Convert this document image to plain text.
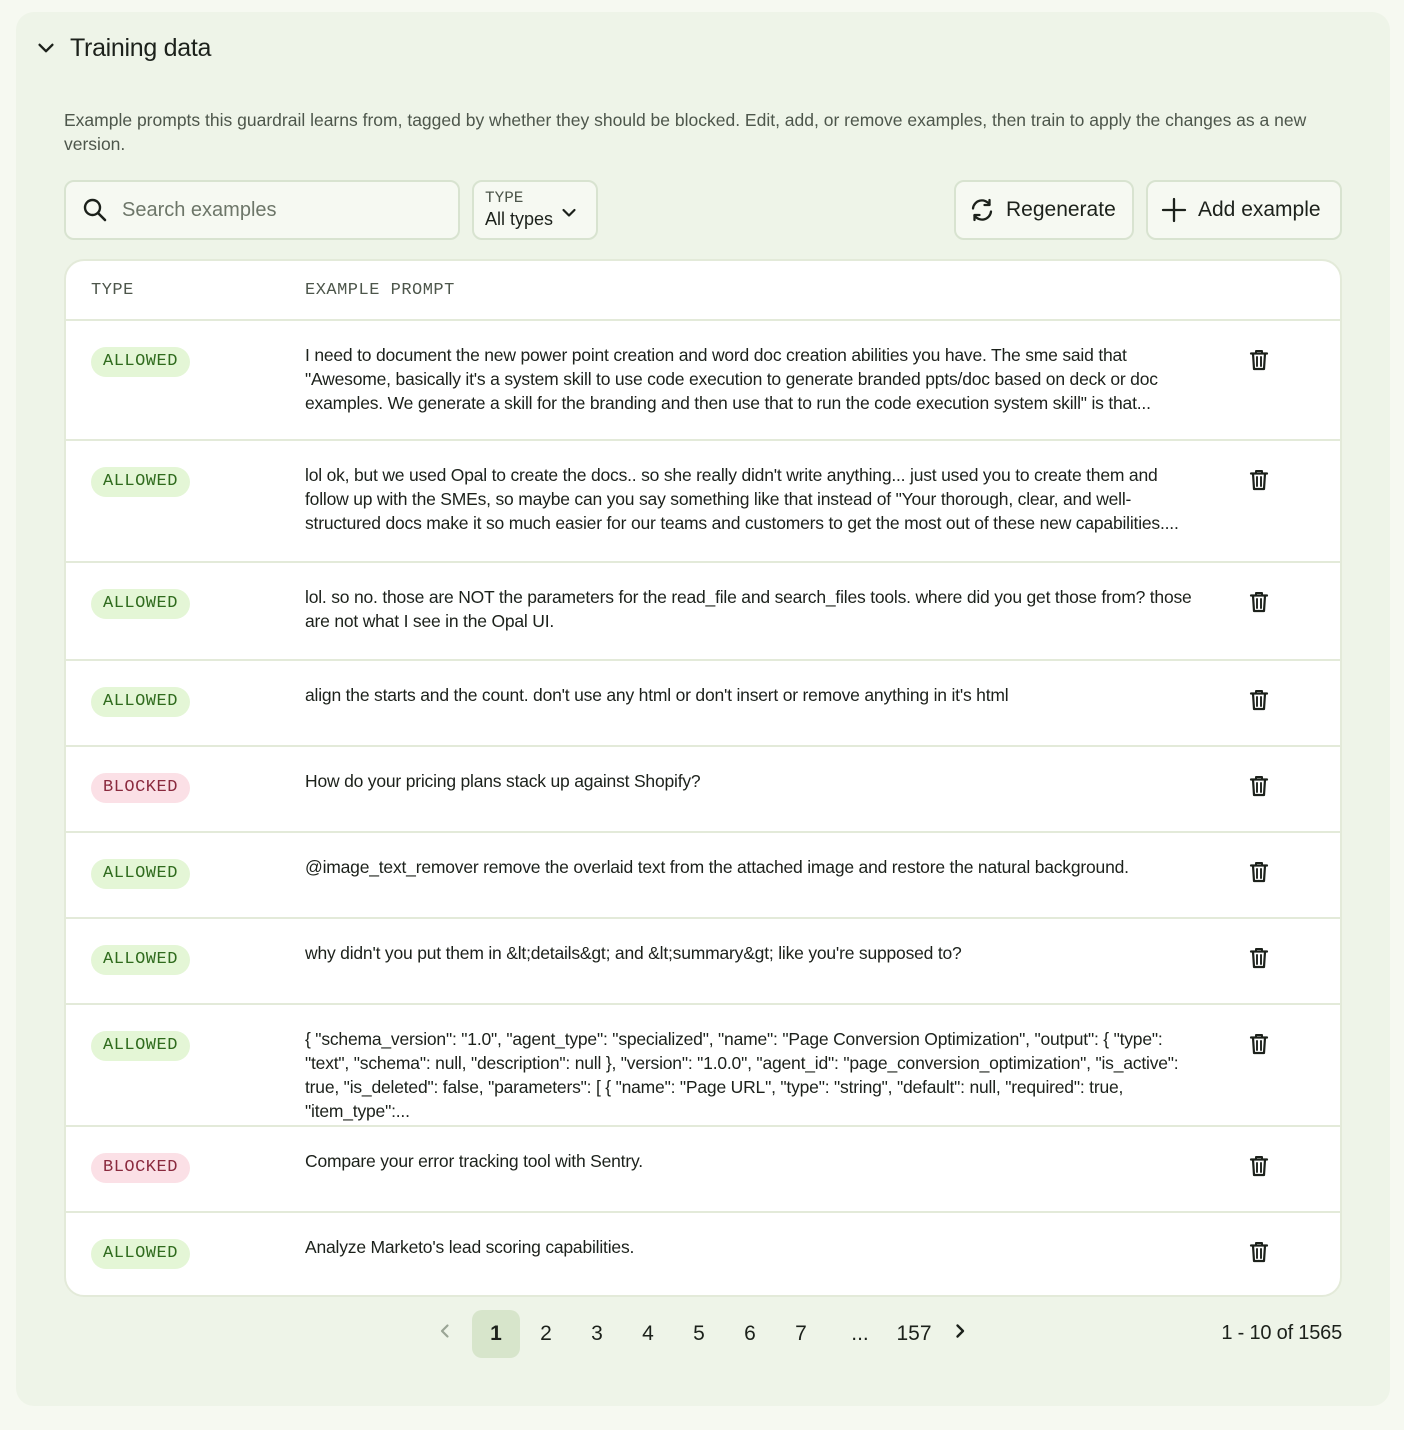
Training data

Example prompts this guardrail learns from, tagged by whether they should be blocked. Edit, add, or remove examples, then train to apply the changes as a new version.

Search examples
TYPE
All types	Regenerate	Add example
TYPE	EXAMPLE PROMPT
ALLOWED	I need to document the new power point creation and word doc creation abilities you have. The sme said that "Awesome, basically it's a system skill to use code execution to generate branded ppts/doc based on deck or doc examples. We generate a skill for the branding and then use that to run the code execution system skill" is that...
ALLOWED	lol ok, but we used Opal to create the docs.. so she really didn't write anything... just used you to create them and follow up with the SMEs, so maybe can you say something like that instead of "Your thorough, clear, and well-structured docs make it so much easier for our teams and customers to get the most out of these new capabilities....
ALLOWED	lol. so no. those are NOT the parameters for the read_file and search_files tools. where did you get those from? those are not what I see in the Opal UI.
ALLOWED	align the starts and the count. don't use any html or don't insert or remove anything in it's html
BLOCKED	How do your pricing plans stack up against Shopify?
ALLOWED	@image_text_remover remove the overlaid text from the attached image and restore the natural background.
ALLOWED	why didn't you put them in &lt;details&gt; and &lt;summary&gt; like you're supposed to?
ALLOWED	{ "schema_version": "1.0", "agent_type": "specialized", "name": "Page Conversion Optimization", "output": { "type": "text", "schema": null, "description": null }, "version": "1.0.0", "agent_id": "page_conversion_optimization", "is_active": true, "is_deleted": false, "parameters": [ { "name": "Page URL", "type": "string", "default": null, "required": true, "item_type":...
BLOCKED	Compare your error tracking tool with Sentry.
ALLOWED	Analyze Marketo's lead scoring capabilities.
1	2	3	4	5	6	7	...	157	1 - 10 of 1565
